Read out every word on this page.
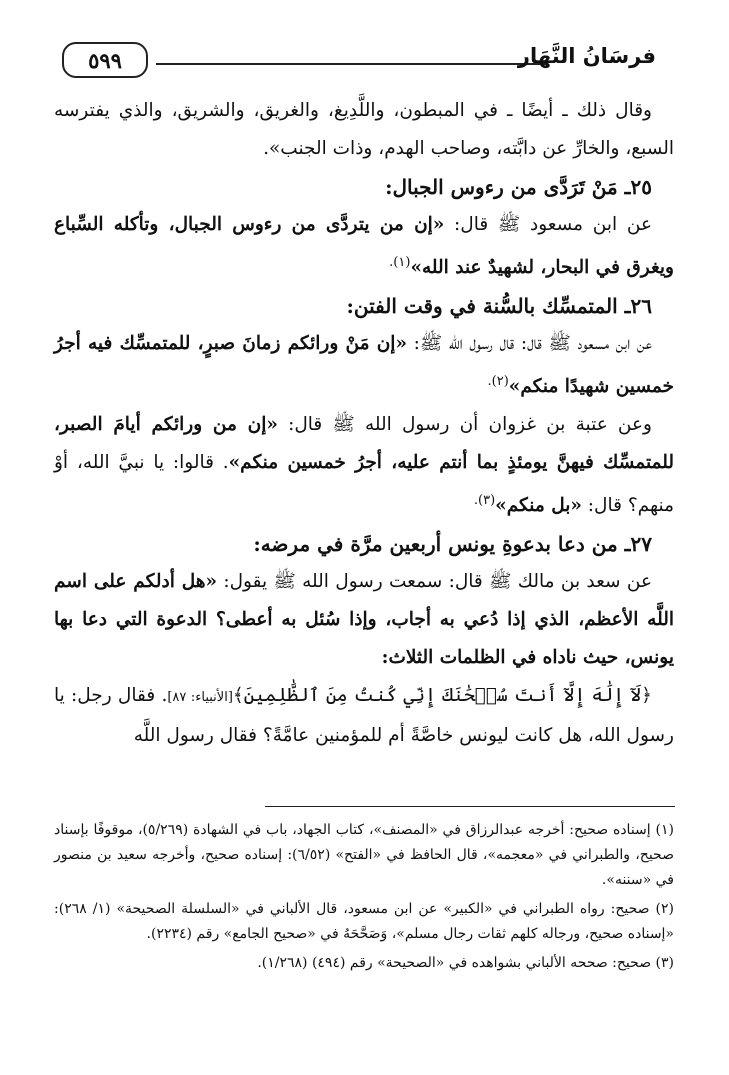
٥٩٩	فرسَانُ النَّهَار

وقال ذلك ـ أيضًا ـ في المبطون، واللَّدِيغ، والغريق، والشريق، والذي يفترسه السبع، والخارِّ عن دابَّته، وصاحب الهدم، وذات الجنب».

٢٥ـ مَنْ تَرَدَّى من رءوس الجبال:

عن ابن مسعود ﷺ قال: «إن من يتردَّى من رءوس الجبال، وتأكله السِّباع ويغرق في البحار، لشهيدٌ عند الله»$^{(١).}$

٢٦ـ المتمسِّك بالسُّنة في وقت الفتن:

عن ابن مسعود ﷺ قال: قال رسول الله ﷺ: «إن مَنْ ورائكم زمانَ صبرٍ، للمتمسِّك فيه أجرُ خمسين شهيدًا منكم»$^{(٢).}$

وعن عتبة بن غزوان أن رسول الله ﷺ قال: «إن من ورائكم أيامَ الصبر، للمتمسِّك فيهنَّ يومئذٍ بما أنتم عليه، أجرُ خمسين منكم». قالوا: يا نبيَّ الله، أوْ منهم؟ قال: «بل منكم»$^{(٣).}$

٢٧ـ من دعا بدعوةِ يونس أربعين مرَّة في مرضه:

عن سعد بن مالك ﷺ قال: سمعت رسول الله ﷺ يقول: «هل أدلكم على اسم اللَّه الأعظم، الذي إذا دُعي به أجاب، وإذا سُئل به أعطى؟ الدعوة التي دعا بها يونس، حيث ناداه في الظلمات الثلاث:

﴿لَآ إِلَٰهَ إِلَّآ أَنتَ سُبۡحَٰنَكَ إِنِّي كُنتُ مِنَ ٱلظَّٰلِمِينَ﴾[الأنبياء: ٨٧]. فقال رجل: يا رسول الله، هل كانت ليونس خاصَّةً أم للمؤمنين عامَّةً؟ فقال رسول اللَّه

(١) إسناده صحيح: أخرجه عبدالرزاق في «المصنف»، كتاب الجهاد، باب في الشهادة (٥/٢٦٩)، موقوفًا بإسناد صحيح، والطبراني في «معجمه»، قال الحافظ في «الفتح» (٦/٥٢): إسناده صحيح، وأخرجه سعيد بن منصور في «سننه».

(٢) صحيح: رواه الطبراني في «الكبير» عن ابن مسعود، قال الألباني في «السلسلة الصحيحة» (١/ ٢٦٨): «إسناده صحيح، ورجاله كلهم ثقات رجال مسلم»، وَصَحَّحَهُ في «صحيح الجامع» رقم (٢٢٣٤).

(٣) صحيح: صححه الألباني بشواهده في «الصحيحة» رقم (٤٩٤) (١/٢٦٨).
